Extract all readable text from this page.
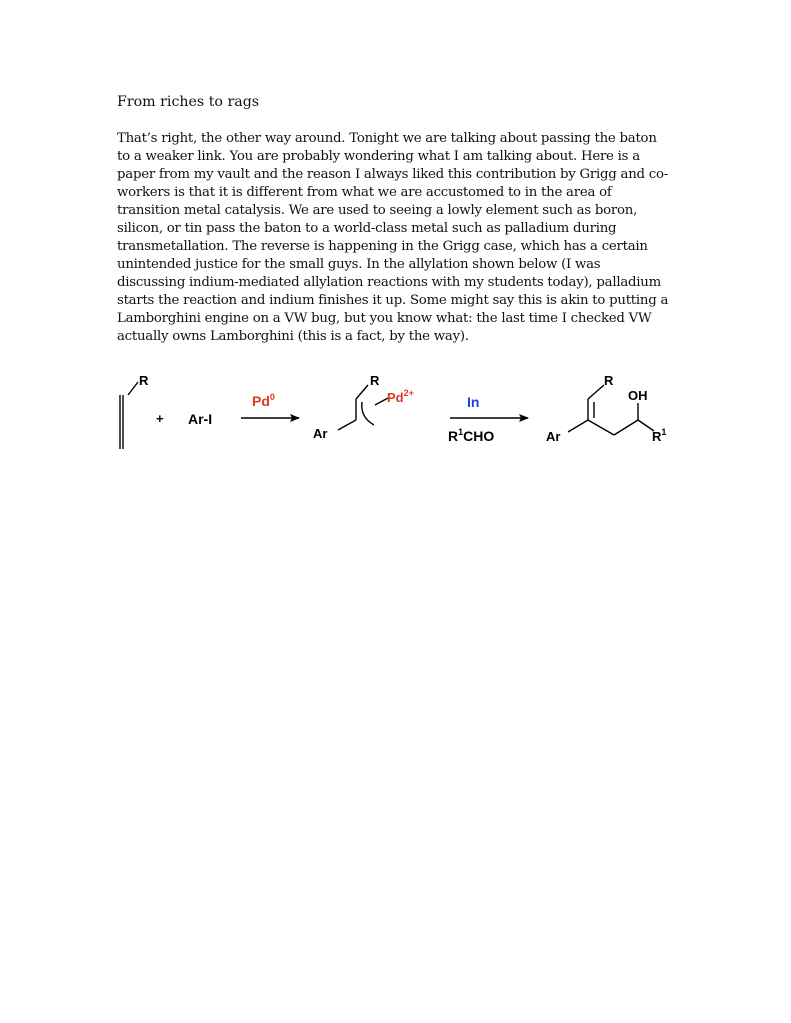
From riches to rags
That’s right, the other way around. Tonight we are talking about passing the baton
to a weaker link. You are probably wondering what I am talking about. Here is a
paper from my vault and the reason I always liked this contribution by Grigg and co-
workers is that it is different from what we are accustomed to in the area of
transition metal catalysis. We are used to seeing a lowly element such as boron,
silicon, or tin pass the baton to a world-class metal such as palladium during
transmetallation. The reverse is happening in the Grigg case, which has a certain
unintended justice for the small guys. In the allylation shown below (I was
discussing indium-mediated allylation reactions with my students today), palladium
starts the reaction and indium finishes it up. Some might say this is akin to putting a
Lamborghini engine on a VW bug, but you know what: the last time I checked VW
actually owns Lamborghini (this is a fact, by the way).
R
+ Ar-I
Pd$^0$
R
$Pd^{2+}$
Ar
In
$R^1CHO$
R
OH
Ar	$R^1$
